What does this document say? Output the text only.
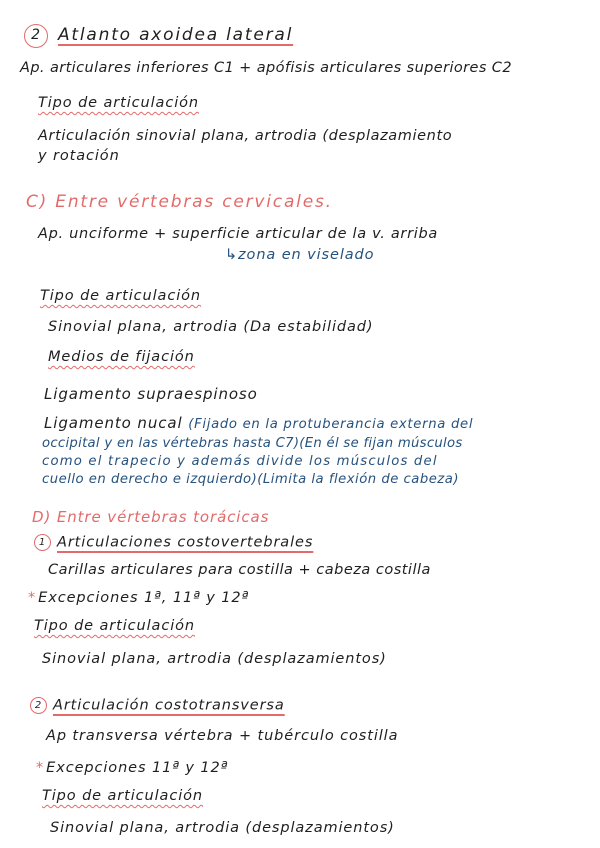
2 Atlanto axoidea lateral
Ap. articulares inferiores C1 + apófisis articulares superiores C2
Tipo de articulación
Articulación sinovial plana, artrodia (desplazamiento
y rotación
C) Entre vértebras cervicales.
Ap. unciforme + superficie articular de la v. arriba
↳zona en viselado
Tipo de articulación
Sinovial plana, artrodia (Da estabilidad)
Medios de fijación
Ligamento supraespinoso
Ligamento nucal (Fijado en la protuberancia externa del
occipital y en las vértebras hasta C7)(En él se fijan músculos
como el trapecio y además divide los músculos del
cuello en derecho e izquierdo)(Limita la flexión de cabeza)
D) Entre vértebras torácicas
1 Articulaciones costovertebrales
Carillas articulares para costilla + cabeza costilla
* Excepciones 1ª, 11ª y 12ª
Tipo de articulación
Sinovial plana, artrodia (desplazamientos)
2 Articulación costotransversa
Ap transversa vértebra + tubérculo costilla
* Excepciones 11ª y 12ª
Tipo de articulación
Sinovial plana, artrodia (desplazamientos)
